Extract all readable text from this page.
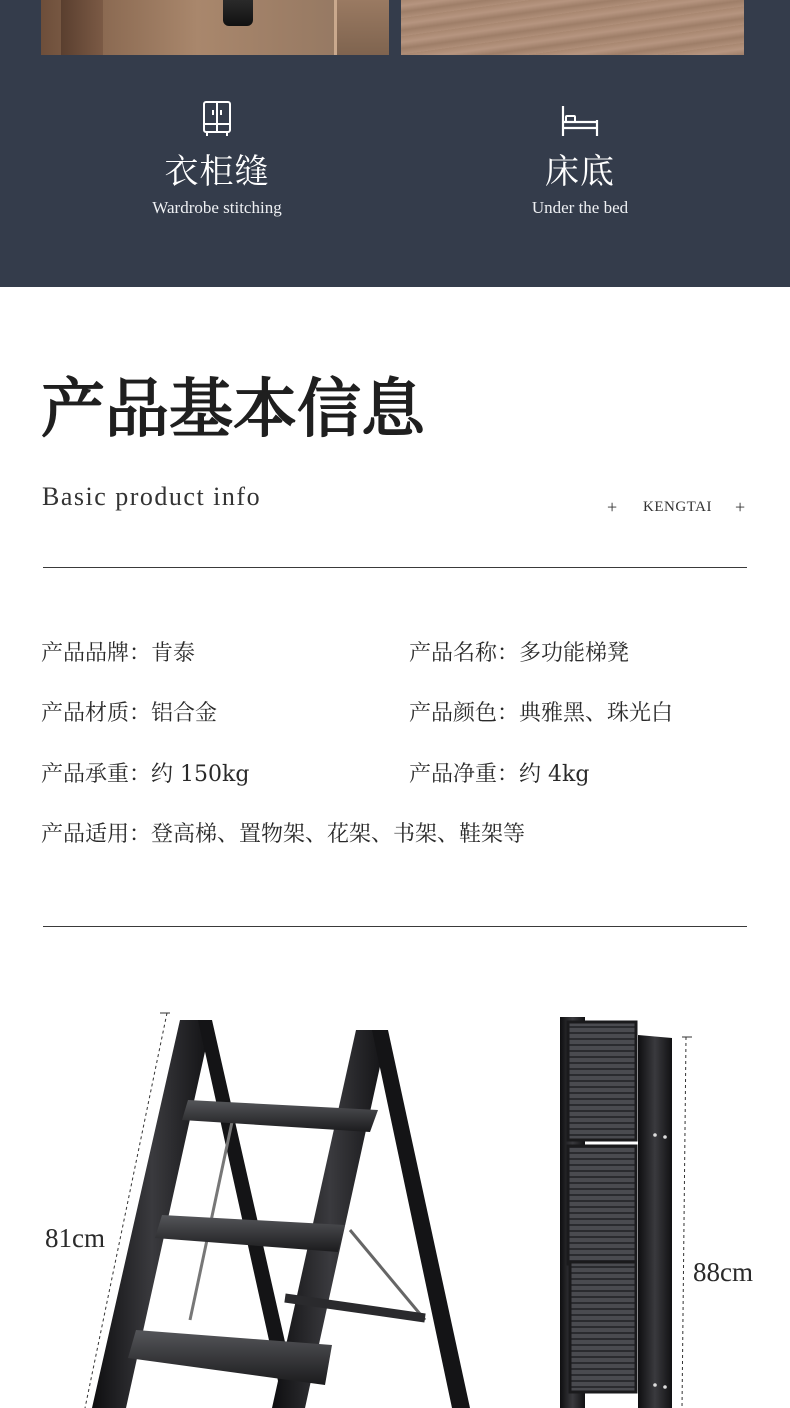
衣柜缝
Wardrobe stitching
床底
Under the bed
产品基本信息
Basic product info	+ KENGTAI +
产品品牌：肯泰	产品名称：多功能梯凳
产品材质：铝合金	产品颜色：典雅黑、珠光白
产品承重：约 150kg	产品净重：约 4kg
产品适用：登高梯、置物架、花架、书架、鞋架等
81cm
88cm
